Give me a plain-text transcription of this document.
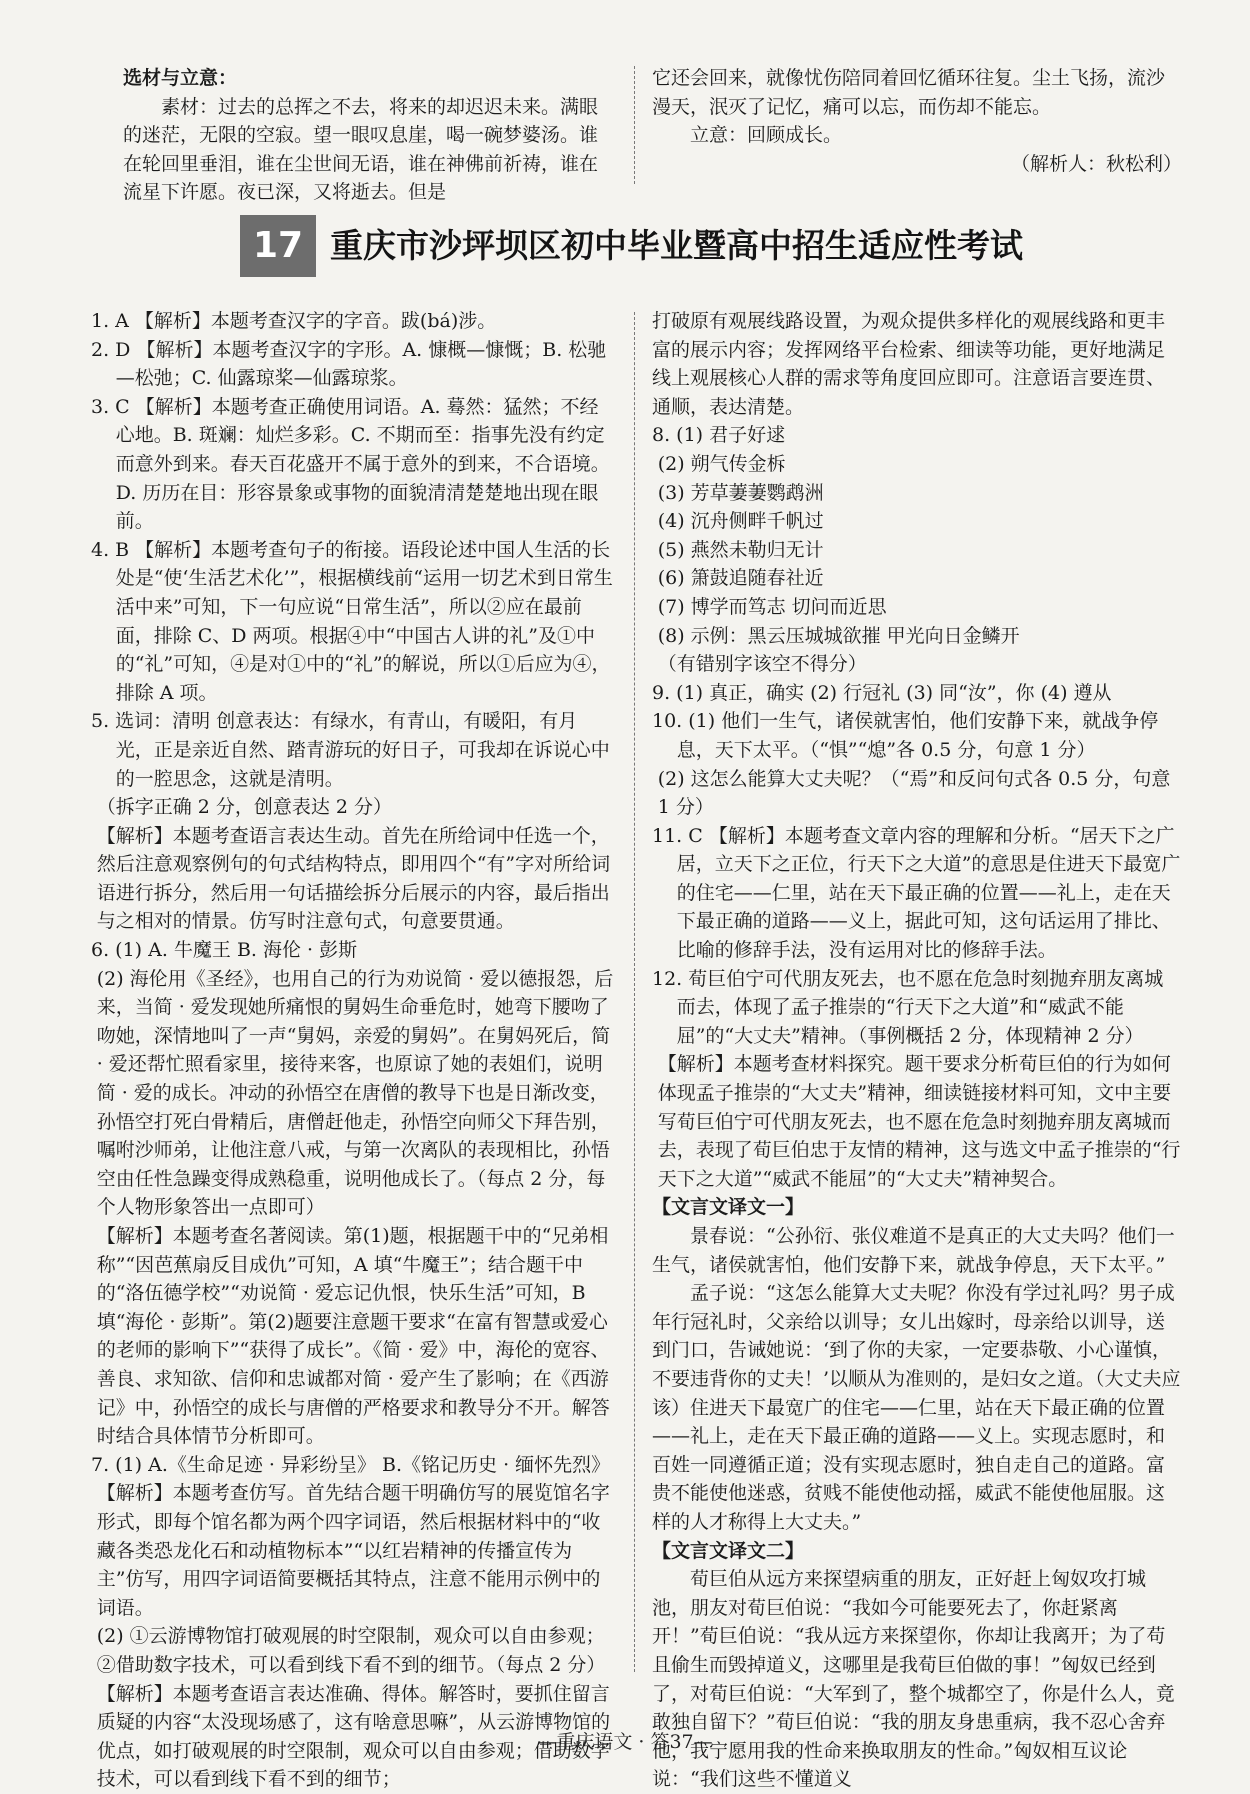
选材与立意：

素材：过去的总挥之不去，将来的却迟迟未来。满眼的迷茫，无限的空寂。望一眼叹息崖，喝一碗梦婆汤。谁在轮回里垂泪，谁在尘世间无语，谁在神佛前祈祷，谁在流星下许愿。夜已深，又将逝去。但是

它还会回来，就像忧伤陪同着回忆循环往复。尘土飞扬，流沙漫天，泯灭了记忆，痛可以忘，而伤却不能忘。

立意：回顾成长。

（解析人：秋松利）

17 重庆市沙坪坝区初中毕业暨高中招生适应性考试

1. A 【解析】本题考查汉字的字音。跋(bá)涉。

2. D 【解析】本题考查汉字的字形。A. 慷概—慷慨；B. 松驰—松弛；C. 仙露琼桨—仙露琼浆。

3. C 【解析】本题考查正确使用词语。A. 蓦然：猛然；不经心地。B. 斑斓：灿烂多彩。C. 不期而至：指事先没有约定而意外到来。春天百花盛开不属于意外的到来，不合语境。D. 历历在目：形容景象或事物的面貌清清楚楚地出现在眼前。

4. B 【解析】本题考查句子的衔接。语段论述中国人生活的长处是“使‘生活艺术化’”，根据横线前“运用一切艺术到日常生活中来”可知，下一句应说“日常生活”，所以②应在最前面，排除 C、D 两项。根据④中“中国古人讲的礼”及①中的“礼”可知，④是对①中的“礼”的解说，所以①后应为④，排除 A 项。

5. 选词：清明 创意表达：有绿水，有青山，有暖阳，有月光，正是亲近自然、踏青游玩的好日子，可我却在诉说心中的一腔思念，这就是清明。

（拆字正确 2 分，创意表达 2 分）

【解析】本题考查语言表达生动。首先在所给词中任选一个，然后注意观察例句的句式结构特点，即用四个“有”字对所给词语进行拆分，然后用一句话描绘拆分后展示的内容，最后指出与之相对的情景。仿写时注意句式，句意要贯通。

6. (1) A. 牛魔王 B. 海伦 · 彭斯

(2) 海伦用《圣经》，也用自己的行为劝说简 · 爱以德报怨，后来，当简 · 爱发现她所痛恨的舅妈生命垂危时，她弯下腰吻了吻她，深情地叫了一声“舅妈，亲爱的舅妈”。在舅妈死后，简 · 爱还帮忙照看家里，接待来客，也原谅了她的表姐们，说明简 · 爱的成长。冲动的孙悟空在唐僧的教导下也是日渐改变，孙悟空打死白骨精后，唐僧赶他走，孙悟空向师父下拜告别，嘱咐沙师弟，让他注意八戒，与第一次离队的表现相比，孙悟空由任性急躁变得成熟稳重，说明他成长了。（每点 2 分，每个人物形象答出一点即可）

【解析】本题考查名著阅读。第(1)题，根据题干中的“兄弟相称”“因芭蕉扇反目成仇”可知，A 填“牛魔王”；结合题干中的“洛伍德学校”“劝说简 · 爱忘记仇恨，快乐生活”可知，B 填“海伦 · 彭斯”。第(2)题要注意题干要求“在富有智慧或爱心的老师的影响下”“获得了成长”。《简 · 爱》中，海伦的宽容、善良、求知欲、信仰和忠诚都对简 · 爱产生了影响；在《西游记》中，孙悟空的成长与唐僧的严格要求和教导分不开。解答时结合具体情节分析即可。

7. (1) A.《生命足迹 · 异彩纷呈》 B.《铭记历史 · 缅怀先烈》

【解析】本题考查仿写。首先结合题干明确仿写的展览馆名字形式，即每个馆名都为两个四字词语，然后根据材料中的“收藏各类恐龙化石和动植物标本”“以红岩精神的传播宣传为主”仿写，用四字词语简要概括其特点，注意不能用示例中的词语。

(2) ①云游博物馆打破观展的时空限制，观众可以自由参观；②借助数字技术，可以看到线下看不到的细节。（每点 2 分）

【解析】本题考查语言表达准确、得体。解答时，要抓住留言质疑的内容“太没现场感了，这有啥意思嘛”，从云游博物馆的优点，如打破观展的时空限制，观众可以自由参观；借助数字技术，可以看到线下看不到的细节；

打破原有观展线路设置，为观众提供多样化的观展线路和更丰富的展示内容；发挥网络平台检索、细读等功能，更好地满足线上观展核心人群的需求等角度回应即可。注意语言要连贯、通顺，表达清楚。

8. (1) 君子好逑

(2) 朔气传金柝

(3) 芳草萋萋鹦鹉洲

(4) 沉舟侧畔千帆过

(5) 燕然未勒归无计

(6) 箫鼓追随春社近

(7) 博学而笃志 切问而近思

(8) 示例：黑云压城城欲摧 甲光向日金鳞开

（有错别字该空不得分）

9. (1) 真正，确实 (2) 行冠礼 (3) 同“汝”，你 (4) 遵从

10. (1) 他们一生气，诸侯就害怕，他们安静下来，就战争停息，天下太平。（“惧”“熄”各 0.5 分，句意 1 分）

(2) 这怎么能算大丈夫呢？（“焉”和反问句式各 0.5 分，句意 1 分）

11. C 【解析】本题考查文章内容的理解和分析。“居天下之广居，立天下之正位，行天下之大道”的意思是住进天下最宽广的住宅——仁里，站在天下最正确的位置——礼上，走在天下最正确的道路——义上，据此可知，这句话运用了排比、比喻的修辞手法，没有运用对比的修辞手法。

12. 荀巨伯宁可代朋友死去，也不愿在危急时刻抛弃朋友离城而去，体现了孟子推崇的“行天下之大道”和“威武不能屈”的“大丈夫”精神。（事例概括 2 分，体现精神 2 分）

【解析】本题考查材料探究。题干要求分析荀巨伯的行为如何体现孟子推崇的“大丈夫”精神，细读链接材料可知，文中主要写荀巨伯宁可代朋友死去，也不愿在危急时刻抛弃朋友离城而去，表现了荀巨伯忠于友情的精神，这与选文中孟子推崇的“行天下之大道”“威武不能屈”的“大丈夫”精神契合。

【文言文译文一】

景春说：“公孙衍、张仪难道不是真正的大丈夫吗？他们一生气，诸侯就害怕，他们安静下来，就战争停息，天下太平。”

孟子说：“这怎么能算大丈夫呢？你没有学过礼吗？男子成年行冠礼时，父亲给以训导；女儿出嫁时，母亲给以训导，送到门口，告诫她说：‘到了你的夫家，一定要恭敬、小心谨慎，不要违背你的丈夫！’以顺从为准则的，是妇女之道。（大丈夫应该）住进天下最宽广的住宅——仁里，站在天下最正确的位置——礼上，走在天下最正确的道路——义上。实现志愿时，和百姓一同遵循正道；没有实现志愿时，独自走自己的道路。富贵不能使他迷惑，贫贱不能使他动摇，威武不能使他屈服。这样的人才称得上大丈夫。”

【文言文译文二】

荀巨伯从远方来探望病重的朋友，正好赶上匈奴攻打城池，朋友对荀巨伯说：“我如今可能要死去了，你赶紧离开！”荀巨伯说：“我从远方来探望你，你却让我离开；为了苟且偷生而毁掉道义，这哪里是我荀巨伯做的事！”匈奴已经到了，对荀巨伯说：“大军到了，整个城都空了，你是什么人，竟敢独自留下？”荀巨伯说：“我的朋友身患重病，我不忍心舍弃他，我宁愿用我的性命来换取朋友的性命。”匈奴相互议论说：“我们这些不懂道义

—重庆语文 · 答37—
